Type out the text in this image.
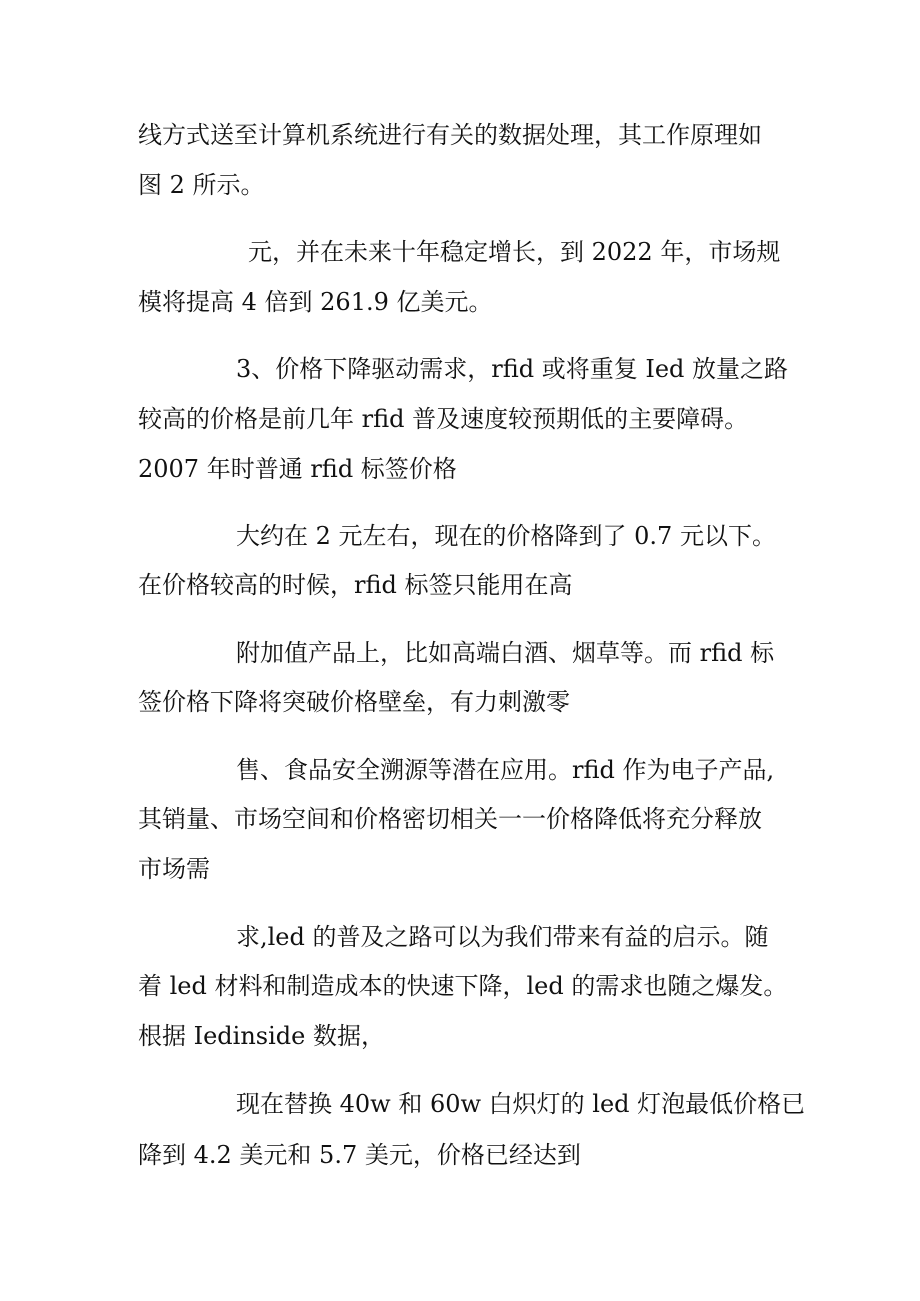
线方式送至计算机系统进行有关的数据处理，其工作原理如

图 2 所示。

元，并在未来十年稳定增长，到 2022 年，市场规

模将提高 4 倍到 261.9 亿美元。

3、价格下降驱动需求，rfid 或将重复 Ied 放量之路

较高的价格是前几年 rfid 普及速度较预期低的主要障碍。

2007 年时普通 rfid 标签价格

大约在 2 元左右，现在的价格降到了 0.7 元以下。

在价格较高的时候，rfid 标签只能用在高

附加值产品上，比如高端白酒、烟草等。而 rfid 标

签价格下降将突破价格壁垒，有力刺激零

售、食品安全溯源等潜在应用。rfid 作为电子产品,

其销量、市场空间和价格密切相关一一价格降低将充分释放

市场需

求,led 的普及之路可以为我们带来有益的启示。随

着 led 材料和制造成本的快速下降，led 的需求也随之爆发。

根据 Iedinside 数据，

现在替换 40w 和 60w 白炽灯的 led 灯泡最低价格已

降到 4.2 美元和 5.7 美元，价格已经达到
